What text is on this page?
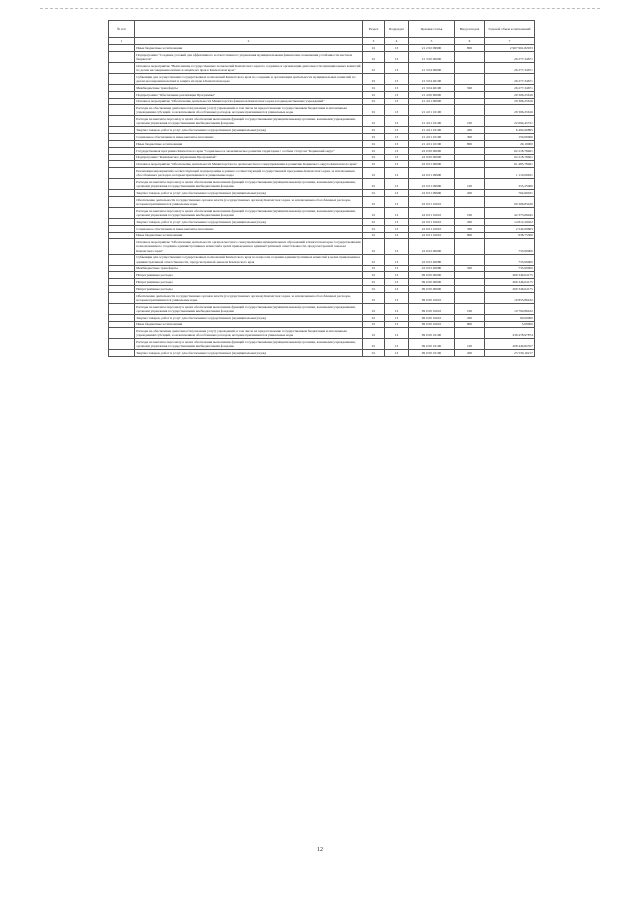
№ п/п		Раздел	Подраздел	Целевая статья	Вид расходов	Годовой объем ассигнований
1	2	3	4	5	6	7
	Иные бюджетные ассигнования	01	13	21 2 02 09990	800	2 967 961,82933
	Подпрограмма "Создание условий для эффективного и ответственного управления муниципальными финансами, повышения устойчивости местных бюджетов"	01	13	21 3 00 00000		26 277,34671
	Основное мероприятие "Выполнение государственных полномочий Камчатского края по созданию и организации деятельности муниципальных комиссий по делам несовершеннолетних и защите их прав в Камчатском крае"	01	13	21 3 04 00000		26 277,34671
	Субвенции для осуществления государственных полномочий Камчатского края по созданию и организации деятельности муниципальных комиссий по делам несовершеннолетних и защите их прав в Камчатском крае	01	13	21 3 04 40100		26 277,34671
	Межбюджетные трансферты	01	13	21 3 04 40100	500	26 277,34671
	Подпрограмма "Обеспечение реализации Программы"	01	13	21 4 00 00000		29 366,25616
	Основное мероприятие "Обеспечение деятельности Министерства финансов Камчатского края и подведомственных учреждений"	01	13	21 4 01 00000		29 366,25616
	Расходы на обеспечение деятельности (оказание услуг) учреждений, в том числе на предоставление государственным бюджетным и автономным учреждениям субсидий, за исключением обособленных расходов, которым присваиваются уникальные коды	01	13	21 4 01 10100		29 366,25616
	Расходы на выплаты персоналу в целях обеспечения выполнения функций государственными (муниципальными) органами, казенными учреждениями, органами управления государственными внебюджетными фондами	01	13	21 4 01 10100	100	22 694,45721
	Закупка товаров, работ и услуг для обеспечения государственных (муниципальных) нужд	01	13	21 4 01 10100	200	6 492,60895
	Социальное обеспечение и иные выплаты населению	01	13	21 4 01 10100	300	150,00000
	Иные бюджетные ассигнования	01	13	21 4 01 10100	800	29,19000
	Государственная программа Камчатского края "Социальное и экономическое развитие территории с особым статусом "Корякский округ"	01	13	22 0 00 00000		62 218,78461
	Подпрограмма "Комплексное управление Программой"	01	13	22 9 00 00000		62 218,78461
	Основное мероприятие "Обеспечение деятельности Министерства по делам местного самоуправления и развитию Корякского округа Камчатского края"	01	13	22 9 01 00000		61 485,78461
	Реализация мероприятий соответствующей подпрограммы в рамках соответствующей государственной программы Камчатского края, за исключением обособленных расходов, которым присваиваются уникальные коды	01	13	22 9 01 09990		1 119,09631
	Расходы на выплаты персоналу в целях обеспечения выполнения функций государственными (муниципальными) органами, казенными учреждениями, органами управления государственными внебюджетными фондами	01	13	22 9 01 09990	100	355,25000
	Закупка товаров, работ и услуг для обеспечения государственных (муниципальных) нужд	01	13	22 9 01 09990	200	764,60031
	Обеспечение деятельности государственных органов власти (государственных органов) Камчатского края, за исключением обособленных расходов, которым присваиваются уникальные коды	01	13	22 9 01 10010		60 366,83430
	Расходы на выплаты персоналу в целях обеспечения выполнения функций государственными (муниципальными) органами, казенными учреждениями, органами управления государственными внебюджетными фондами	01	13	22 9 01 10010	100	42 373,69445
	Закупка товаров, работ и услуг для обеспечения государственных (муниципальных) нужд	01	13	22 9 01 10010	200	14 812,29022
	Социальное обеспечение и иные выплаты населению	01	13	22 9 01 10010	300	2 542,09663
	Иные бюджетные ассигнования	01	13	22 9 01 10010	800	638,75300
	Основное мероприятие "Обеспечение деятельности органов местного самоуправления муниципальных образований в Камчатском крае государственными полномочиями по созданию административных комиссий в целях привлечения к административной ответственности, предусмотренной законом Камчатского края"	01	13	22 9 02 00000		733,00000
	Субвенции для осуществления государственных полномочий Камчатского края по вопросам создания административных комиссий в целях привлечения к административной ответственности, предусмотренной законом Камчатского края	01	13	22 9 02 40080		733,00000
	Межбюджетные трансферты	01	13	22 9 02 40080	500	733,00000
	Непрограммные расходы	01	13	99 0 00 00000		269 346,04175
	Непрограммные расходы	01	13	99 0 00 00000		269 346,04175
	Непрограммные расходы	01	13	99 0 00 00000		269 346,04175
	Обеспечение деятельности государственных органов власти (государственных органов) Камчатского края, за исключением обособленных расходов, которым присваиваются уникальные коды	01	13	99 0 00 10010		10 855,86432
	Расходы на выплаты персоналу в целях обеспечения выполнения функций государственными (муниципальными) органами, казенными учреждениями, органами управления государственными внебюджетными фондами	01	13	99 0 00 10010	100	10 790,86432
	Закупка товаров, работ и услуг для обеспечения государственных (муниципальных) нужд	01	13	99 0 00 10010	200	60,00000
	Иные бюджетные ассигнования	01	13	99 0 00 10010	800	5,00000
	Расходы на обеспечение деятельности (оказание услуг) учреждений, в том числе на предоставление государственным бюджетным и автономным учреждениям субсидий, за исключением обособленных расходов, которым присваиваются уникальные коды	01	13	99 0 00 10100		236 478,97874
	Расходы на выплаты персоналу в целях обеспечения выполнения функций государственными (муниципальными) органами, казенными учреждениями, органами управления государственными внебюджетными фондами	01	13	99 0 00 10100	100	208 449,82357
	Закупка товаров, работ и услуг для обеспечения государственных (муниципальных) нужд	01	13	99 0 00 10100	200	25 530,16217
12
